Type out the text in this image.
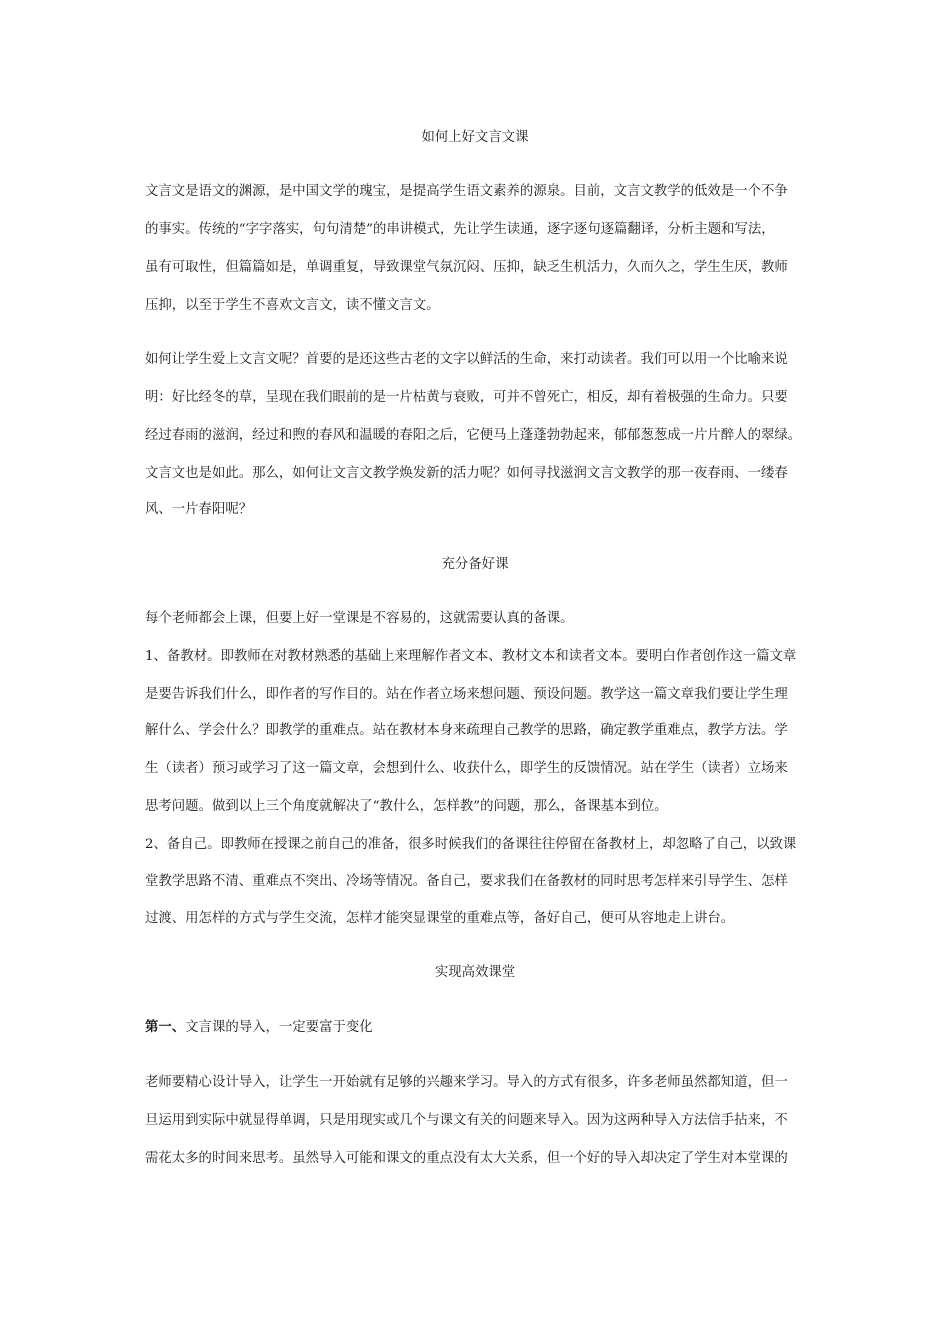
如何上好文言文课
文言文是语文的渊源，是中国文学的瑰宝，是提高学生语文素养的源泉。目前，文言文教学的低效是一个不争
的事实。传统的“字字落实，句句清楚”的串讲模式，先让学生读通，逐字逐句逐篇翻译，分析主题和写法，
虽有可取性，但篇篇如是，单调重复，导致课堂气氛沉闷、压抑，缺乏生机活力，久而久之，学生生厌，教师
压抑，以至于学生不喜欢文言文，读不懂文言文。
如何让学生爱上文言文呢？首要的是还这些古老的文字以鲜活的生命，来打动读者。我们可以用一个比喻来说
明：好比经冬的草，呈现在我们眼前的是一片枯黄与衰败，可并不曾死亡，相反，却有着极强的生命力。只要
经过春雨的滋润，经过和煦的春风和温暖的春阳之后，它便马上蓬蓬勃勃起来，郁郁葱葱成一片片醉人的翠绿。
文言文也是如此。那么，如何让文言文教学焕发新的活力呢？如何寻找滋润文言文教学的那一夜春雨、一缕春
风、一片春阳呢？
充分备好课
每个老师都会上课，但要上好一堂课是不容易的，这就需要认真的备课。
1、备教材。即教师在对教材熟悉的基础上来理解作者文本、教材文本和读者文本。要明白作者创作这一篇文章
是要告诉我们什么，即作者的写作目的。站在作者立场来想问题、预设问题。教学这一篇文章我们要让学生理
解什么、学会什么？即教学的重难点。站在教材本身来疏理自己教学的思路，确定教学重难点，教学方法。学
生（读者）预习或学习了这一篇文章，会想到什么、收获什么，即学生的反馈情况。站在学生（读者）立场来
思考问题。做到以上三个角度就解决了“教什么，怎样教”的问题，那么，备课基本到位。
2、备自己。即教师在授课之前自己的准备，很多时候我们的备课往往停留在备教材上，却忽略了自己，以致课
堂教学思路不清、重难点不突出、冷场等情况。备自己，要求我们在备教材的同时思考怎样来引导学生、怎样
过渡、用怎样的方式与学生交流，怎样才能突显课堂的重难点等，备好自己，便可从容地走上讲台。
实现高效课堂
第一、文言课的导入，一定要富于变化
老师要精心设计导入，让学生一开始就有足够的兴趣来学习。导入的方式有很多，许多老师虽然都知道，但一
旦运用到实际中就显得单调，只是用现实或几个与课文有关的问题来导入。因为这两种导入方法信手拈来，不
需花太多的时间来思考。虽然导入可能和课文的重点没有太大关系，但一个好的导入却决定了学生对本堂课的
